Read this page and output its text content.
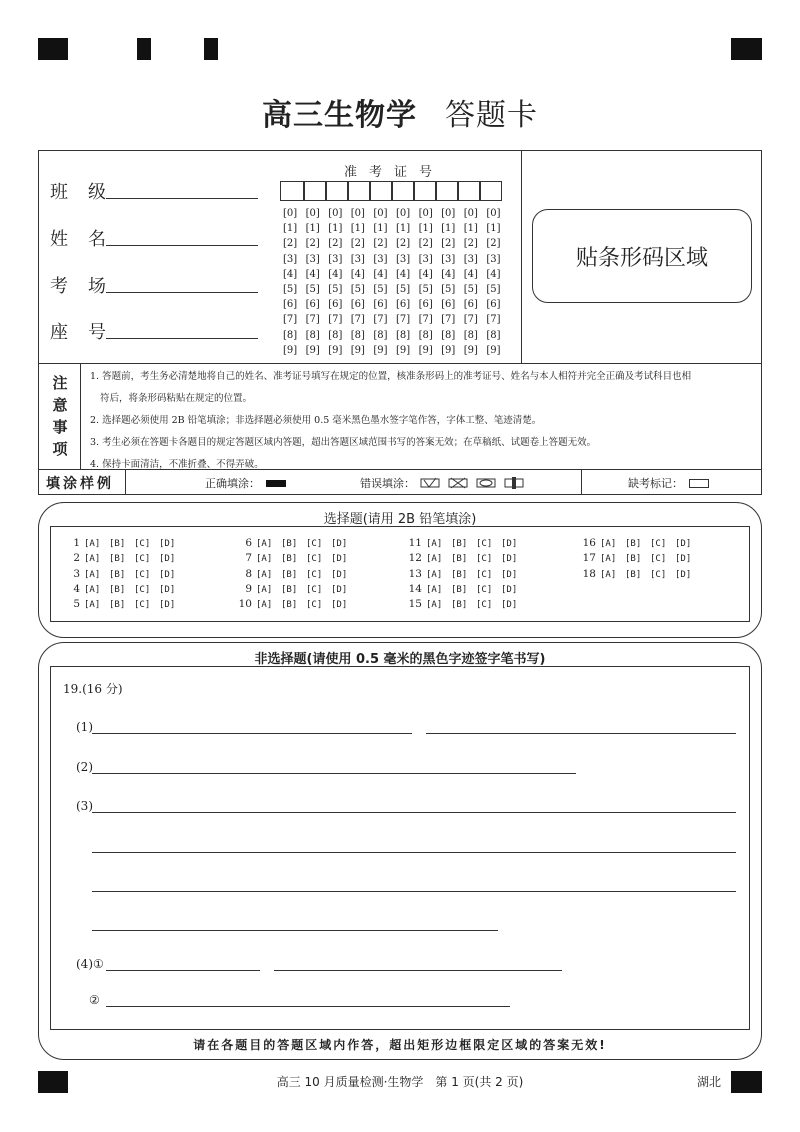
高三生物学 答题卡
班级
姓名
考场
座号
准考证号
[0] [0] [0] [0] [0] [0] [0] [0] [0] [0]
[1] [1] [1] [1] [1] [1] [1] [1] [1] [1]
[2] [2] [2] [2] [2] [2] [2] [2] [2] [2]
[3] [3] [3] [3] [3] [3] [3] [3] [3] [3]
[4] [4] [4] [4] [4] [4] [4] [4] [4] [4]
[5] [5] [5] [5] [5] [5] [5] [5] [5] [5]
[6] [6] [6] [6] [6] [6] [6] [6] [6] [6]
[7] [7] [7] [7] [7] [7] [7] [7] [7] [7]
[8] [8] [8] [8] [8] [8] [8] [8] [8] [8]
[9] [9] [9] [9] [9] [9] [9] [9] [9] [9]
贴条形码区域
注意事项

1. 答题前，考生务必清楚地将自己的姓名、准考证号填写在规定的位置，核准条形码上的准考证号、姓名与本人相符并完全正确及考试科目也相

符后，将条形码粘贴在规定的位置。

2. 选择题必须使用 2B 铅笔填涂；非选择题必须使用 0.5 毫米黑色墨水签字笔作答，字体工整、笔迹清楚。

3. 考生必须在答题卡各题目的规定答题区域内答题，超出答题区域范围书写的答案无效；在草稿纸、试题卷上答题无效。

4. 保持卡面清洁，不准折叠、不得弄破。

填涂样例	正确填涂：	错误填涂：	缺考标记：
选择题(请用 2B 铅笔填涂)
1 [A] [B] [C] [D]
2 [A] [B] [C] [D]
3 [A] [B] [C] [D]
4 [A] [B] [C] [D]
5 [A] [B] [C] [D]
6 [A] [B] [C] [D]
7 [A] [B] [C] [D]
8 [A] [B] [C] [D]
9 [A] [B] [C] [D]
10 [A] [B] [C] [D]
11 [A] [B] [C] [D]
12 [A] [B] [C] [D]
13 [A] [B] [C] [D]
14 [A] [B] [C] [D]
15 [A] [B] [C] [D]
16 [A] [B] [C] [D]
17 [A] [B] [C] [D]
18 [A] [B] [C] [D]
非选择题(请使用 0.5 毫米的黑色字迹签字笔书写)
19.(16 分)
(1)
(2)
(3)
(4)①
②
请在各题目的答题区域内作答，超出矩形边框限定区域的答案无效!
高三 10 月质量检测·生物学　第 1 页(共 2 页)	湖北
